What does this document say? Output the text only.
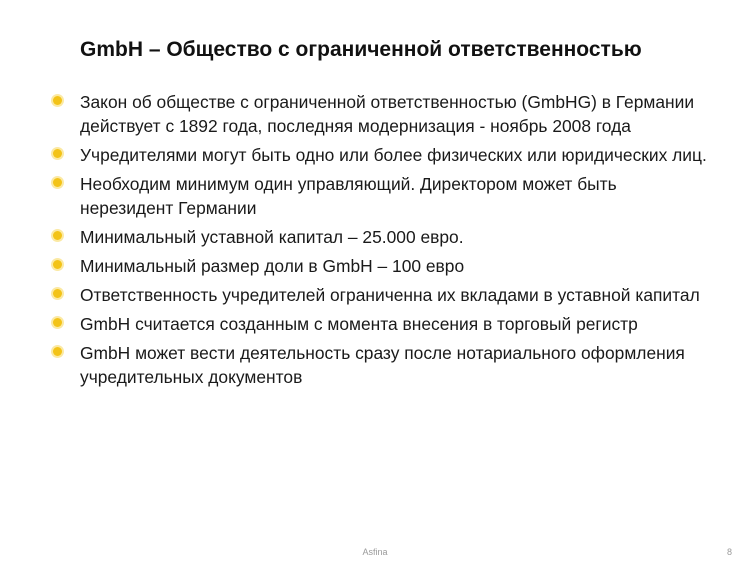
GmbH – Общество с ограниченной ответственностью
Закон об обществе с ограниченной ответственностью (GmbHG) в Германии действует с 1892 года, последняя модернизация - ноябрь 2008 года
Учредителями могут быть одно или более физических или юридических лиц.
Необходим минимум один управляющий. Директором может быть нерезидент Германии
Минимальный уставной капитал – 25.000 евро.
Минимальный размер доли в GmbH – 100 евро
Ответственность учредителей ограниченна их вкладами в уставной капитал
GmbH считается созданным с момента внесения в торговый регистр
GmbH может вести деятельность сразу после нотариального оформления учредительных документов
Asfina	8
